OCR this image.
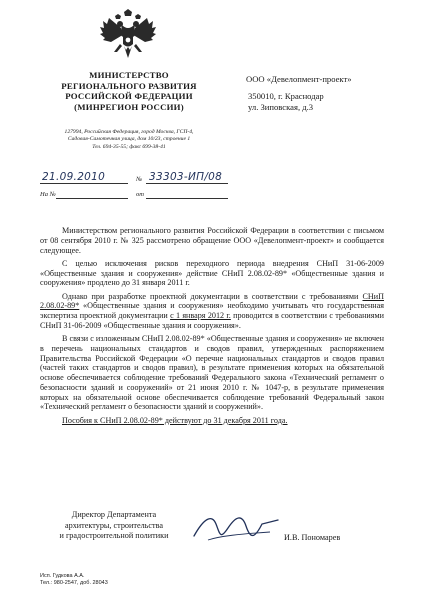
МИНИСТЕРСТВО
РЕГИОНАЛЬНОГО РАЗВИТИЯ
РОССИЙСКОЙ ФЕДЕРАЦИИ
(МИНРЕГИОН РОССИИ)
127994, Российская Федерация, город Москва, ГСП-4,
Садовая-Самотечная улица, дом 10/23, строение 1
Тел. 694-35-55; факс 699-38-41
ООО «Девелопмент-проект»
350010, г. Краснодар
ул. Зиповская, д.3
21.09.2010	№ 33303-ИП/08
На №	от

Министерством регионального развития Российской Федерации в соответствии с письмом от 08 сентября 2010 г. № 325 рассмотрено обращение ООО «Девелопмент-проект» и сообщается следующее.

С целью исключения рисков переходного периода внедрения СНиП 31-06-2009 «Общественные здания и сооружения» действие СНиП 2.08.02-89* «Общественные здания и сооружения» продлено до 31 января 2011 г.

Однако при разработке проектной документации в соответствии с требованиями СНиП 2.08.02-89* «Общественные здания и сооружения» необходимо учитывать что государственная экспертиза проектной документации с 1 января 2012 г. проводится в соответствии с требованиями СНиП 31-06-2009 «Общественные здания и сооружения».

В связи с изложенным СНиП 2.08.02-89* «Общественные здания и сооружения» не включен в перечень национальных стандартов и сводов правил, утвержденных распоряжением Правительства Российской Федерации «О перечне национальных стандартов и сводов правил (частей таких стандартов и сводов правил), в результате применения которых на обязательной основе обеспечивается соблюдение требований Федерального закона «Технический регламент о безопасности зданий и сооружений» от 21 июня 2010 г. № 1047-р, в результате применения которых на обязательной основе обеспечивается соблюдение требований Федеральный закон «Технический регламент о безопасности зданий и сооружений».

Пособия к СНиП 2.08.02-89* действуют до 31 декабря 2011 года.

Директор Департамента
архитектуры, строительства
и градостроительной политики	И.В. Пономарев
Исп. Гудкова А.А.
Тел.: 980-2547, доб. 28043
